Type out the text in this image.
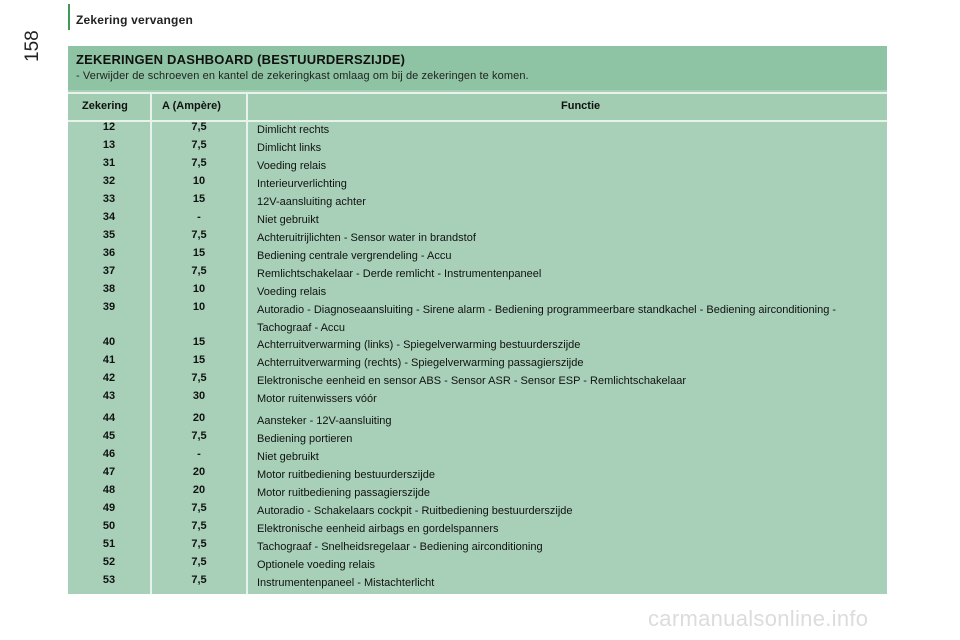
Zekering vervangen
158	ZEKERINGEN DASHBOARD (BESTUURDERSZIJDE)
- Verwijder de schroeven en kantel de zekeringkast omlaag om bij de zekeringen te komen.
Zekering	A (Ampère)	Functie
12	7,5	Dimlicht rechts
13	7,5	Dimlicht links
31	7,5	Voeding relais
32	10	Interieurverlichting
33	15	12V-aansluiting achter
34	-	Niet gebruikt
35	7,5	Achteruitrijlichten - Sensor water in brandstof
36	15	Bediening centrale vergrendeling - Accu
37	7,5	Remlichtschakelaar - Derde remlicht - Instrumentenpaneel
38	10	Voeding relais
39	10	Autoradio - Diagnoseaansluiting - Sirene alarm - Bediening programmeerbare standkachel - Bediening airconditioning - Tachograaf - Accu
40	15	Achterruitverwarming (links) - Spiegelverwarming bestuurderszijde
41	15	Achterruitverwarming (rechts) - Spiegelverwarming passagierszijde
42	7,5	Elektronische eenheid en sensor ABS - Sensor ASR - Sensor ESP - Remlichtschakelaar
43	30	Motor ruitenwissers vóór
44	20	Aansteker - 12V-aansluiting
45	7,5	Bediening portieren
46	-	Niet gebruikt
47	20	Motor ruitbediening bestuurderszijde
48	20	Motor ruitbediening passagierszijde
49	7,5	Autoradio - Schakelaars cockpit - Ruitbediening bestuurderszijde
50	7,5	Elektronische eenheid airbags en gordelspanners
51	7,5	Tachograaf - Snelheidsregelaar - Bediening airconditioning
52	7,5	Optionele voeding relais
53	7,5	Instrumentenpaneel - Mistachterlicht
carmanualsonline.info
